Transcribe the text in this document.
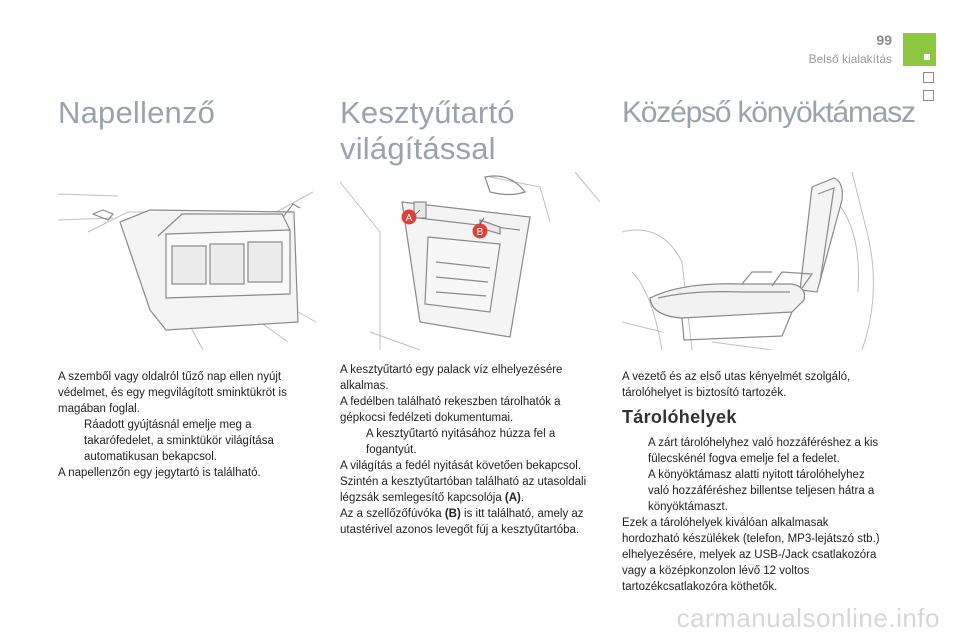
99
Belső kialakítás
Napellenző

A szemből vagy oldalról tűző nap ellen nyújt védelmet, és egy megvilágított sminktükröt is magában foglal.

Ráadott gyújtásnál emelje meg a takarófedelet, a sminktükör világítása automatikusan bekapcsol.

A napellenzőn egy jegytartó is található.

Kesztyűtartó
világítással
A
B

A kesztyűtartó egy palack víz elhelyezésére alkalmas.

A fedélben található rekeszben tárolhatók a gépkocsi fedélzeti dokumentumai.

A kesztyűtartó nyitásához húzza fel a fogantyút.

A világítás a fedél nyitását követően bekapcsol.

Szintén a kesztyűtartóban található az utasoldali légzsák semlegesítő kapcsolója (A).

Az a szellőzőfúvóka (B) is itt található, amely az utastérivel azonos levegőt fúj a kesztyűtartóba.

Középső könyöktámasz

A vezető és az első utas kényelmét szolgáló, tárolóhelyet is biztosító tartozék.

Tárolóhelyek
A zárt tárolóhelyhez való hozzáféréshez a kis fülecskénél fogva emelje fel a fedelet.
A könyöktámasz alatti nyitott tárolóhelyhez való hozzáféréshez billentse teljesen hátra a könyöktámaszt.

Ezek a tárolóhelyek kiválóan alkalmasak hordozható készülékek (telefon, MP3-lejátszó stb.) elhelyezésére, melyek az USB-/Jack csatlakozóra vagy a középkonzolon lévő 12 voltos tartozékcsatlakozóra köthetők.

carmanualsonline.info
